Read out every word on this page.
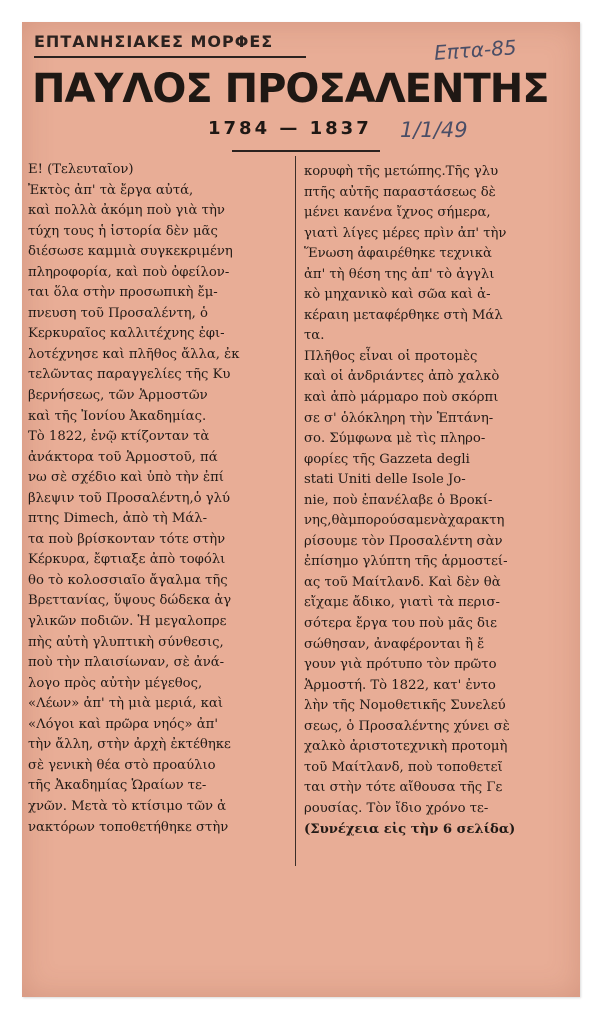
ΕΠΤΑΝΗΣΙΑΚΕΣ ΜΟΡΦΕΣ	Επτα-85
ΠΑΥΛΟΣ ΠΡΟΣΑΛΕΝΤΗΣ
1784 — 1837 1/1/49
Ε! (Τελευταῖον)
Ἐκτὸς ἀπ' τὰ ἔργα αὐτά,
καὶ πολλὰ ἀκόμη ποὺ γιὰ τὴν
τύχη τους ἡ ἱστορία δὲν μᾶς
διέσωσε καμμιὰ συγκεκριμένη
πληροφορία, καὶ ποὺ ὀφείλον-
ται ὅλα στὴν προσωπικὴ ἔμ-
πνευση τοῦ Προσαλέντη, ὁ
Κερκυραῖος καλλιτέχνης ἐφι-
λοτέχνησε καὶ πλῆθος ἄλλα, ἐκ
τελῶντας παραγγελίες τῆς Κυ
βερνήσεως, τῶν Ἁρμοστῶν
καὶ τῆς Ἰονίου Ἀκαδημίας.
Τὸ 1822, ἐνῷ κτίζονταν τὰ
ἀνάκτορα τοῦ Ἁρμοστοῦ, πά
νω σὲ σχέδιο καὶ ὑπὸ τὴν ἐπί
βλεψιν τοῦ Προσαλέντη,ὁ γλύ
πτης Dimech, ἀπὸ τὴ Μάλ-
τα ποὺ βρίσκονταν τότε στὴν
Κέρκυρα, ἔφτιαξε ἀπὸ τοφόλι
θο τὸ κολοσσιαῖο ἄγαλμα τῆς
Βρεττανίας, ὕψους δώδεκα ἀγ
γλικῶν ποδιῶν. Ἡ μεγαλοπρε
πὴς αὐτὴ γλυπτικὴ σύνθεσις,
ποὺ τὴν πλαισίωναν, σὲ ἀνά-
λογο πρὸς αὐτὴν μέγεθος,
«Λέων» ἀπ' τὴ μιὰ μεριά, καὶ
«Λόγοι καὶ πρῶρα νηός» ἀπ'
τὴν ἄλλη, στὴν ἀρχὴ ἐκτέθηκε
σὲ γενικὴ θέα στὸ προαύλιο
τῆς Ἀκαδημίας Ὡραίων τε-
χνῶν. Μετὰ τὸ κτίσιμο τῶν ἀ
νακτόρων τοποθετήθηκε στὴν
κορυφὴ τῆς μετώπης.Τῆς γλυ
πτῆς αὐτῆς παραστάσεως δὲ
μένει κανένα ἴχνος σήμερα,
γιατὶ λίγες μέρες πρὶν ἀπ' τὴν
Ἕνωση ἀφαιρέθηκε τεχνικὰ
ἀπ' τὴ θέση της ἀπ' τὸ ἀγγλι
κὸ μηχανικὸ καὶ σῶα καὶ ἀ-
κέραιη μεταφέρθηκε στὴ Μάλ
τα.
Πλῆθος εἶναι οἱ προτομὲς
καὶ οἱ ἀνδριάντες ἀπὸ χαλκὸ
καὶ ἀπὸ μάρμαρο ποὺ σκόρπι
σε σ' ὁλόκληρη τὴν Ἑπτάνη-
σο. Σύμφωνα μὲ τὶς πληρο-
φορίες τῆς Gazzeta degli
stati Uniti delle Isole Jo-
nie, ποὺ ἐπανέλαβε ὁ Βροκί-
νης,θὰμπορούσαμενὰχαρακτη
ρίσουμε τὸν Προσαλέντη σὰν
ἐπίσημο γλύπτη τῆς ἁρμοστεί-
ας τοῦ Μαίτλανδ. Καὶ δὲν θὰ
εἴχαμε ἄδικο, γιατὶ τὰ περισ-
σότερα ἔργα του ποὺ μᾶς διε
σώθησαν, ἀναφέρονται ἢ ἔ
γουν γιὰ πρότυπο τὸν πρῶτο
Ἁρμοστή. Τὸ 1822, κατ' ἐντο
λὴν τῆς Νομοθετικῆς Συνελεύ
σεως, ὁ Προσαλέντης χύνει σὲ
χαλκὸ ἀριστοτεχνικὴ προτομὴ
τοῦ Μαίτλανδ, ποὺ τοποθετεῖ
ται στὴν τότε αἴθουσα τῆς Γε
ρουσίας. Τὸν ἴδιο χρόνο τε-
(Συνέχεια εἰς τὴν 6 σελίδα)
